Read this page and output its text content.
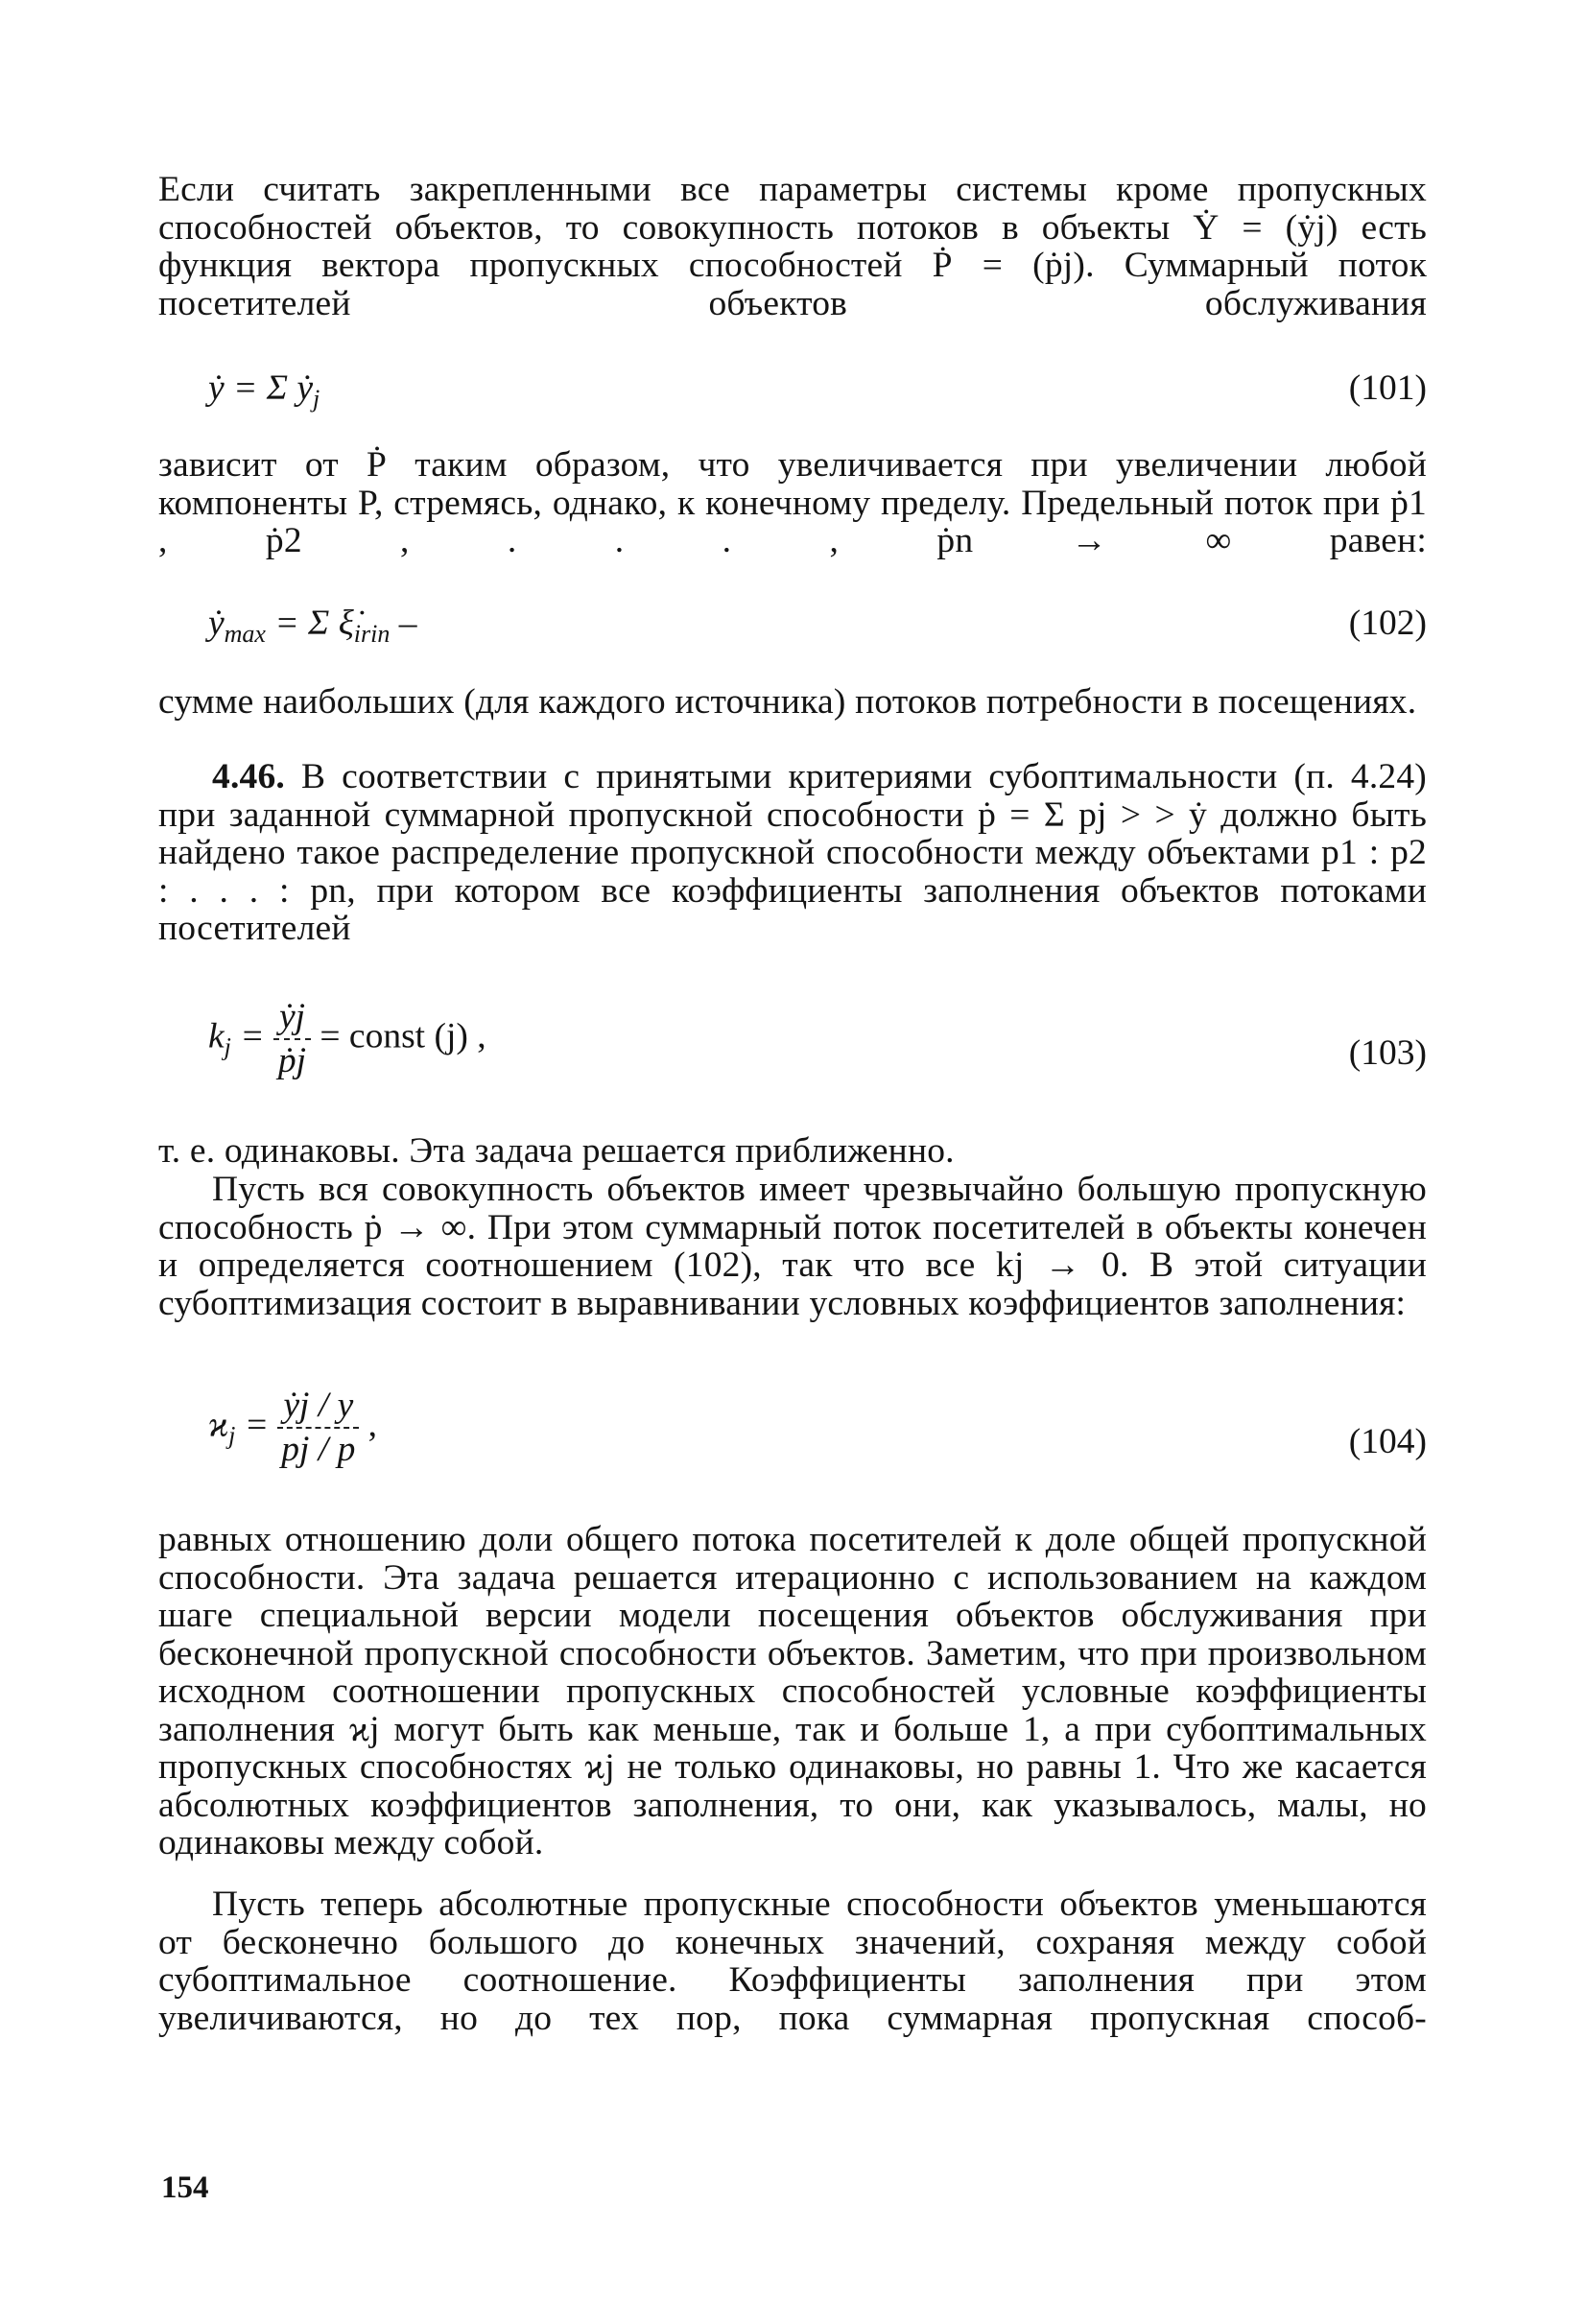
Если считать закрепленными все параметры системы кроме пропускных способностей объектов, то совокупность потоков в объекты Ẏ = (ẏj) есть функция вектора пропускных способностей Ṗ = (ṗj). Суммарный поток посетителей объектов обслуживания

ẏ = Σ ẏ$_j$	(101)

зависит от Ṗ таким образом, что увеличивается при увеличении любой компоненты P, стремясь, однако, к конечному пределу. Предельный поток при ṗ1 , ṗ2 , . . . , ṗn → ∞ равен:

ẏ$_{max}$ = Σ $\xi̇_{irin}$ –	(102)

сумме наибольших (для каждого источника) потоков потребности в посещениях.

4.46. В соответствии с принятыми критериями субоптимальности (п. 4.24) при заданной суммарной пропускной способности ṗ = Σ pj > > ẏ должно быть найдено такое распределение пропускной способности между объектами p1 : p2 : . . . : pn, при котором все коэффициенты заполнения объектов потоками посетителей

$k_j = \frac{\text{ẏj}}{\text{ṗj}}$ = const (j) ,	(103)

т. е. одинаковы. Эта задача решается приближенно.

Пусть вся совокупность объектов имеет чрезвычайно большую пропускную способность ṗ → ∞. При этом суммарный поток посетителей в объекты конечен и определяется соотношением (102), так что все kj → 0. В этой ситуации субоптимизация состоит в выравнивании условных коэффициентов заполнения:

$ϰ_j = \frac{\text{ẏj / y}}{pj / p}$ ,	(104)

равных отношению доли общего потока посетителей к доле общей пропускной способности. Эта задача решается итерационно с использованием на каждом шаге специальной версии модели посещения объектов обслуживания при бесконечной пропускной способности объектов. Заметим, что при произвольном исходном соотношении пропускных способностей условные коэффициенты заполнения ϰj могут быть как меньше, так и больше 1, а при субоптимальных пропускных способностях ϰj не только одинаковы, но равны 1. Что же касается абсолютных коэффициентов заполнения, то они, как указывалось, малы, но одинаковы между собой.

Пусть теперь абсолютные пропускные способности объектов уменьшаются от бесконечно большого до конечных значений, сохраняя между собой субоптимальное соотношение. Коэффициенты заполнения при этом увеличиваются, но до тех пор, пока суммарная пропускная способ-

154
